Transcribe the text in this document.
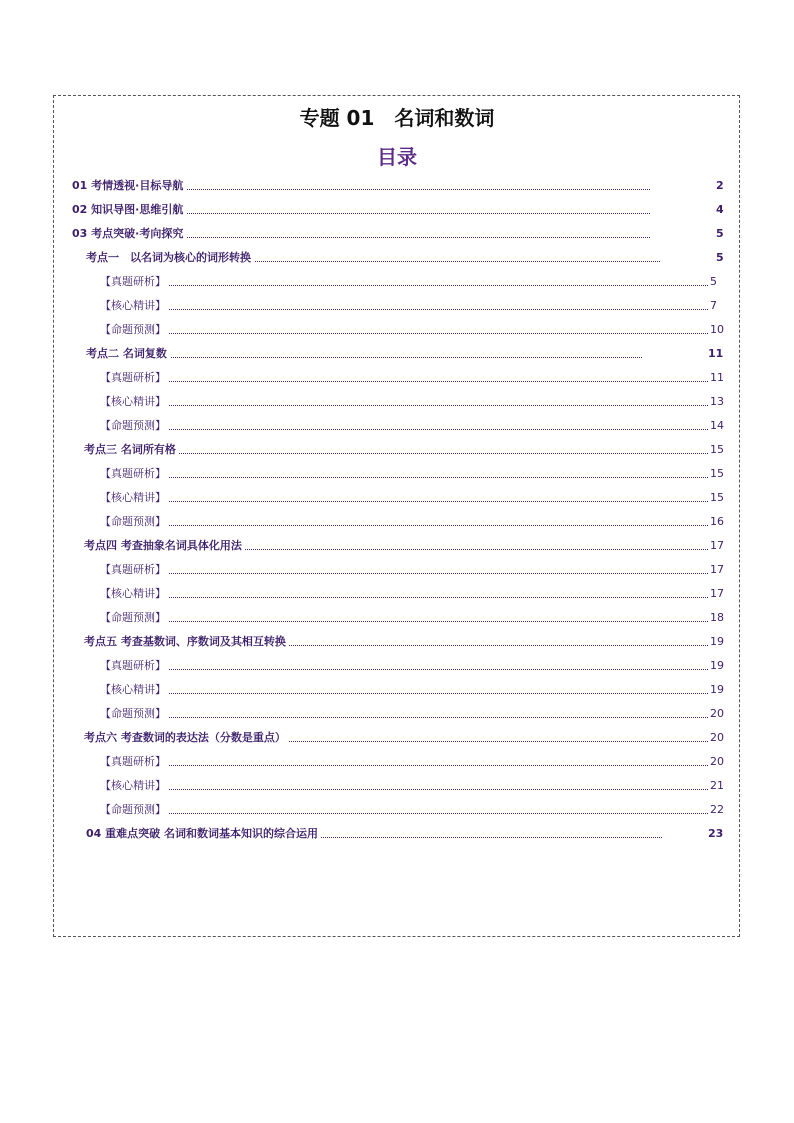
专题 01　名词和数词
目录
01 考情透视·目标导航	2
02 知识导图·思维引航	4
03 考点突破·考向探究	5
考点一　以名词为核心的词形转换	5
【真题研析】	5
【核心精讲】	7
【命题预测】	10
考点二 名词复数	11
【真题研析】	11
【核心精讲】	13
【命题预测】	14
考点三 名词所有格	15
【真题研析】	15
【核心精讲】	15
【命题预测】	16
考点四 考查抽象名词具体化用法	17
【真题研析】	17
【核心精讲】	17
【命题预测】	18
考点五 考查基数词、序数词及其相互转换	19
【真题研析】	19
【核心精讲】	19
【命题预测】	20
考点六 考查数词的表达法（分数是重点）	20
【真题研析】	20
【核心精讲】	21
【命题预测】	22
04 重难点突破 名词和数词基本知识的综合运用	23
